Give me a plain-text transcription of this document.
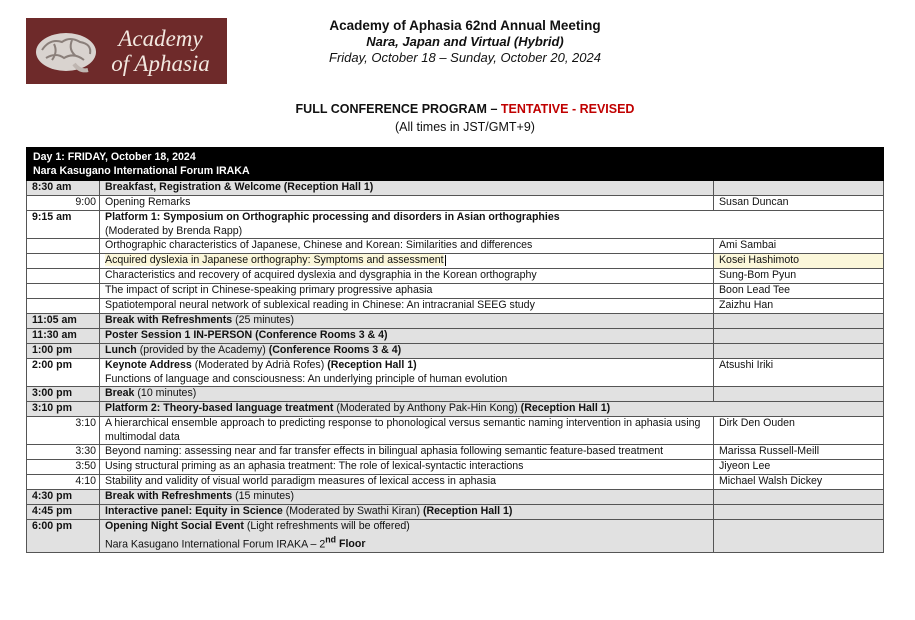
Academy
of Aphasia
Academy of Aphasia 62nd Annual Meeting
Nara, Japan and Virtual (Hybrid)
Friday, October 18 – Sunday, October 20, 2024
FULL CONFERENCE PROGRAM – TENTATIVE - REVISED
(All times in JST/GMT+9)
Day 1: FRIDAY, October 18, 2024
Nara Kasugano International Forum IRAKA		

8:30 am	Breakfast, Registration & Welcome (Reception Hall 1)	
9:00	Opening Remarks	Susan Duncan
9:15 am	Platform 1: Symposium on Orthographic processing and disorders in Asian orthographies
(Moderated by Brenda Rapp)	
	Orthographic characteristics of Japanese, Chinese and Korean: Similarities and differences	Ami Sambai
	Acquired dyslexia in Japanese orthography: Symptoms and assessment	Kosei Hashimoto
	Characteristics and recovery of acquired dyslexia and dysgraphia in the Korean orthography	Sung-Bom Pyun
	The impact of script in Chinese-speaking primary progressive aphasia	Boon Lead Tee
	Spatiotemporal neural network of sublexical reading in Chinese: An intracranial SEEG study	Zaizhu Han
11:05 am	Break with Refreshments (25 minutes)	
11:30 am	Poster Session 1 IN-PERSON (Conference Rooms 3 & 4)	
1:00 pm	Lunch (provided by the Academy) (Conference Rooms 3 & 4)	
2:00 pm	Keynote Address (Moderated by Adrià Rofes) (Reception Hall 1)
Functions of language and consciousness: An underlying principle of human evolution	Atsushi Iriki
3:00 pm	Break (10 minutes)	
3:10 pm	Platform 2: Theory-based language treatment (Moderated by Anthony Pak-Hin Kong) (Reception Hall 1)	
3:10	A hierarchical ensemble approach to predicting response to phonological versus semantic naming intervention in aphasia using multimodal data	Dirk Den Ouden
3:30	Beyond naming: assessing near and far transfer effects in bilingual aphasia following semantic feature-based treatment	Marissa Russell-Meill
3:50	Using structural priming as an aphasia treatment: The role of lexical-syntactic interactions	Jiyeon Lee
4:10	Stability and validity of visual world paradigm measures of lexical access in aphasia	Michael Walsh Dickey
4:30 pm	Break with Refreshments (15 minutes)	
4:45 pm	Interactive panel: Equity in Science (Moderated by Swathi Kiran) (Reception Hall 1)	
6:00 pm	Opening Night Social Event (Light refreshments will be offered)
Nara Kasugano International Forum IRAKA – 2nd Floor	
